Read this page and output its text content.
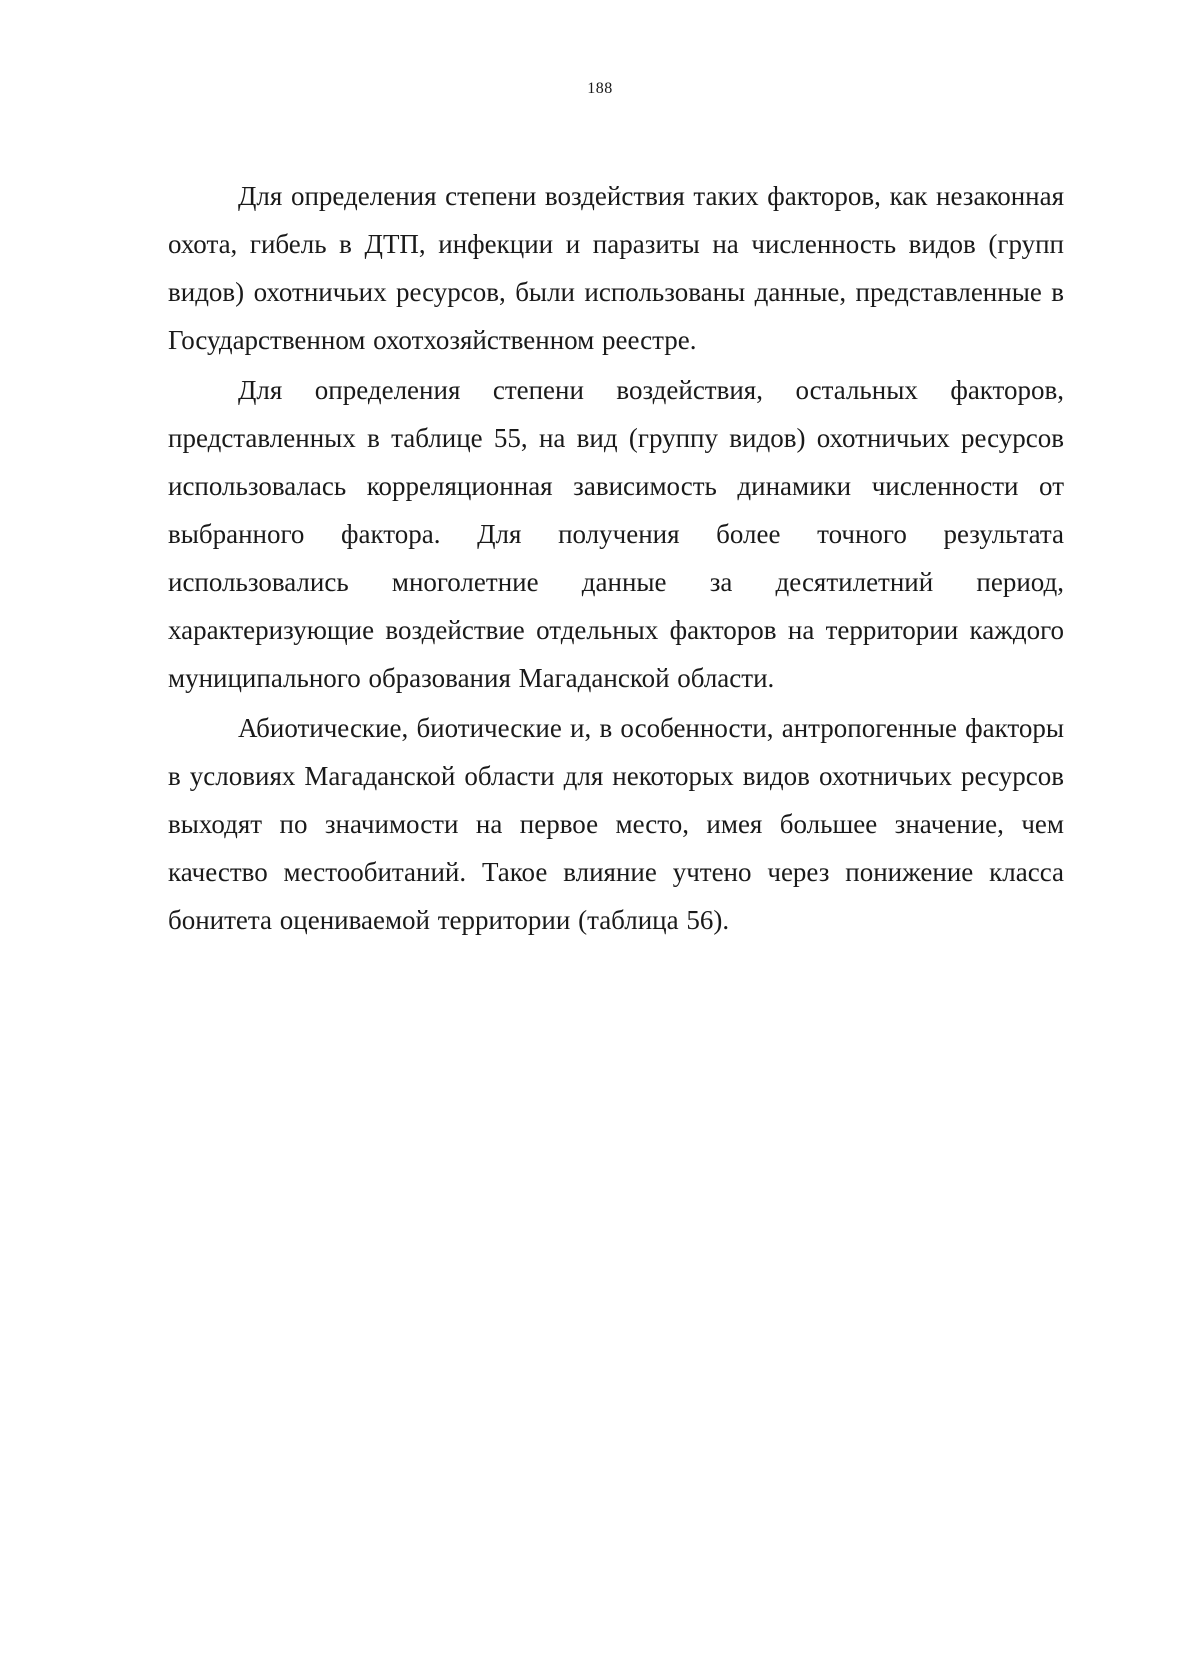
188

Для определения степени воздействия таких факторов, как незаконная охота, гибель в ДТП, инфекции и паразиты на численность видов (групп видов) охотничьих ресурсов, были использованы данные, представленные в Государственном охотхозяйственном реестре.

Для определения степени воздействия, остальных факторов, представленных в таблице 55, на вид (группу видов) охотничьих ресурсов использовалась корреляционная зависимость динамики численности от выбранного фактора. Для получения более точного результата использовались многолетние данные за десятилетний период, характеризующие воздействие отдельных факторов на территории каждого муниципального образования Магаданской области.

Абиотические, биотические и, в особенности, антропогенные факторы в условиях Магаданской области для некоторых видов охотничьих ресурсов выходят по значимости на первое место, имея большее значение, чем качество местообитаний. Такое влияние учтено через понижение класса бонитета оцениваемой территории (таблица 56).
